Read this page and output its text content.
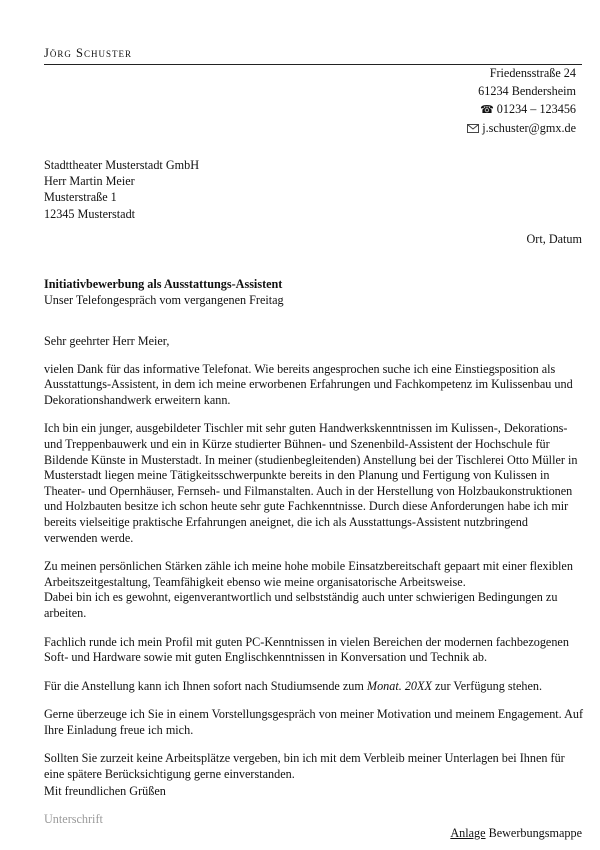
Jörg Schuster
Friedensstraße 24
61234 Bendersheim
☎ 01234 – 123456
j.schuster@gmx.de
Stadttheater Musterstadt GmbH
Herr Martin Meier
Musterstraße 1
12345 Musterstadt
Ort, Datum
Initiativbewerbung als Ausstattungs-Assistent
Unser Telefongespräch vom vergangenen Freitag

Sehr geehrter Herr Meier,

vielen Dank für das informative Telefonat. Wie bereits angesprochen suche ich eine Einstiegsposition als Ausstattungs-Assistent, in dem ich meine erworbenen Erfahrungen und Fachkompetenz im Kulissenbau und Dekorationshandwerk erweitern kann.

Ich bin ein junger, ausgebildeter Tischler mit sehr guten Handwerkskenntnissen im Kulissen-, Dekorations- und Treppenbauwerk und ein in Kürze studierter Bühnen- und Szenenbild-Assistent der Hochschule für Bildende Künste in Musterstadt. In meiner (studienbegleitenden) Anstellung bei der Tischlerei Otto Müller in Musterstadt liegen meine Tätigkeitsschwerpunkte bereits in den Planung und Fertigung von Kulissen in Theater- und Opernhäuser, Fernseh- und Filmanstalten. Auch in der Herstellung von Holzbaukonstruktionen und Holzbauten besitze ich schon heute sehr gute Fachkenntnisse. Durch diese Anforderungen habe ich mir bereits vielseitige praktische Erfahrungen aneignet, die ich als Ausstattungs-Assistent nutzbringend verwenden werde.

Zu meinen persönlichen Stärken zähle ich meine hohe mobile Einsatzbereitschaft gepaart mit einer flexiblen Arbeitszeitgestaltung, Teamfähigkeit ebenso wie meine organisatorische Arbeitsweise.
Dabei bin ich es gewohnt, eigenverantwortlich und selbstständig auch unter schwierigen Bedingungen zu arbeiten.

Fachlich runde ich mein Profil mit guten PC-Kenntnissen in vielen Bereichen der modernen fachbezogenen Soft- und Hardware sowie mit guten Englischkenntnissen in Konversation und Technik ab.

Für die Anstellung kann ich Ihnen sofort nach Studiumsende zum Monat. 20XX zur Verfügung stehen.

Gerne überzeuge ich Sie in einem Vorstellungsgespräch von meiner Motivation und meinem Engagement. Auf Ihre Einladung freue ich mich.

Sollten Sie zurzeit keine Arbeitsplätze vergeben, bin ich mit dem Verbleib meiner Unterlagen bei Ihnen für eine spätere Berücksichtigung gerne einverstanden.

Mit freundlichen Grüßen
Unterschrift
Anlage Bewerbungsmappe
